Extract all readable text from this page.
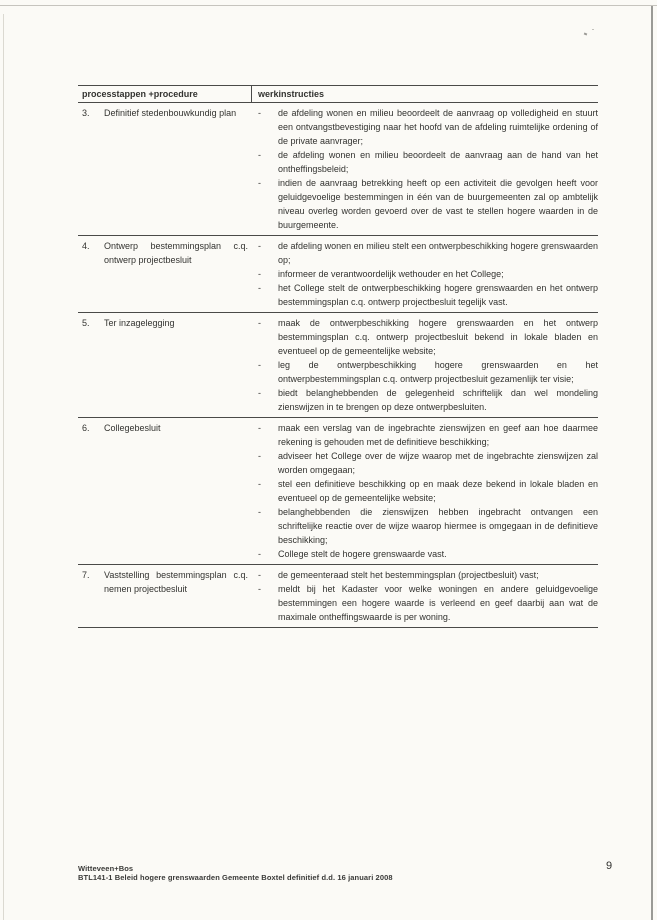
processtappen +procedure	werkinstructies
3.	Definitief stedenbouwkundig plan	-	de afdeling wonen en milieu beoordeelt de aanvraag op volledigheid en stuurt een ontvangstbevestiging naar het hoofd van de afdeling ruimtelijke ordening of de private aanvrager;
-	de afdeling wonen en milieu beoordeelt de aanvraag aan de hand van het ontheffingsbeleid;
-	indien de aanvraag betrekking heeft op een activiteit die gevolgen heeft voor geluidgevoelige bestemmingen in één van de buurgemeenten zal op ambtelijk niveau overleg worden gevoerd over de vast te stellen hogere waarden in de buurgemeente.
4.	Ontwerp bestemmingsplan c.q. ontwerp projectbesluit
-	de afdeling wonen en milieu stelt een ontwerpbeschikking hogere grenswaarden op;
-	informeer de verantwoordelijk wethouder en het College;
-	het College stelt de ontwerpbeschikking hogere grenswaarden en het ontwerp bestemmingsplan c.q. ontwerp projectbesluit tegelijk vast.
5.	Ter inzagelegging	-	maak de ontwerpbeschikking hogere grenswaarden en het ontwerp bestemmingsplan c.q. ontwerp projectbesluit bekend in lokale bladen en eventueel op de gemeentelijke website;
-	leg de ontwerpbeschikking hogere grenswaarden en het ontwerpbestemmingsplan c.q. ontwerp projectbesluit gezamenlijk ter visie;
-	biedt belanghebbenden de gelegenheid schriftelijk dan wel mondeling zienswijzen in te brengen op deze ontwerpbesluiten.
6.	Collegebesluit	-	maak een verslag van de ingebrachte zienswijzen en geef aan hoe daarmee rekening is gehouden met de definitieve beschikking;
-	adviseer het College over de wijze waarop met de ingebrachte zienswijzen zal worden omgegaan;
-	stel een definitieve beschikking op en maak deze bekend in lokale bladen en eventueel op de gemeentelijke website;
-	belanghebbenden die zienswijzen hebben ingebracht ontvangen een schriftelijke reactie over de wijze waarop hiermee is omgegaan in de definitieve beschikking;
-	College stelt de hogere grenswaarde vast.
7.	Vaststelling bestemmingsplan c.q. nemen projectbesluit
-	de gemeenteraad stelt het bestemmingsplan (projectbesluit) vast;
-	meldt bij het Kadaster voor welke woningen en andere geluidgevoelige bestemmingen een hogere waarde is verleend en geef daarbij aan wat de maximale ontheffingswaarde is per woning.
Witteveen+Bos
BTL141-1 Beleid hogere grenswaarden Gemeente Boxtel definitief d.d. 16 januari 2008
9
